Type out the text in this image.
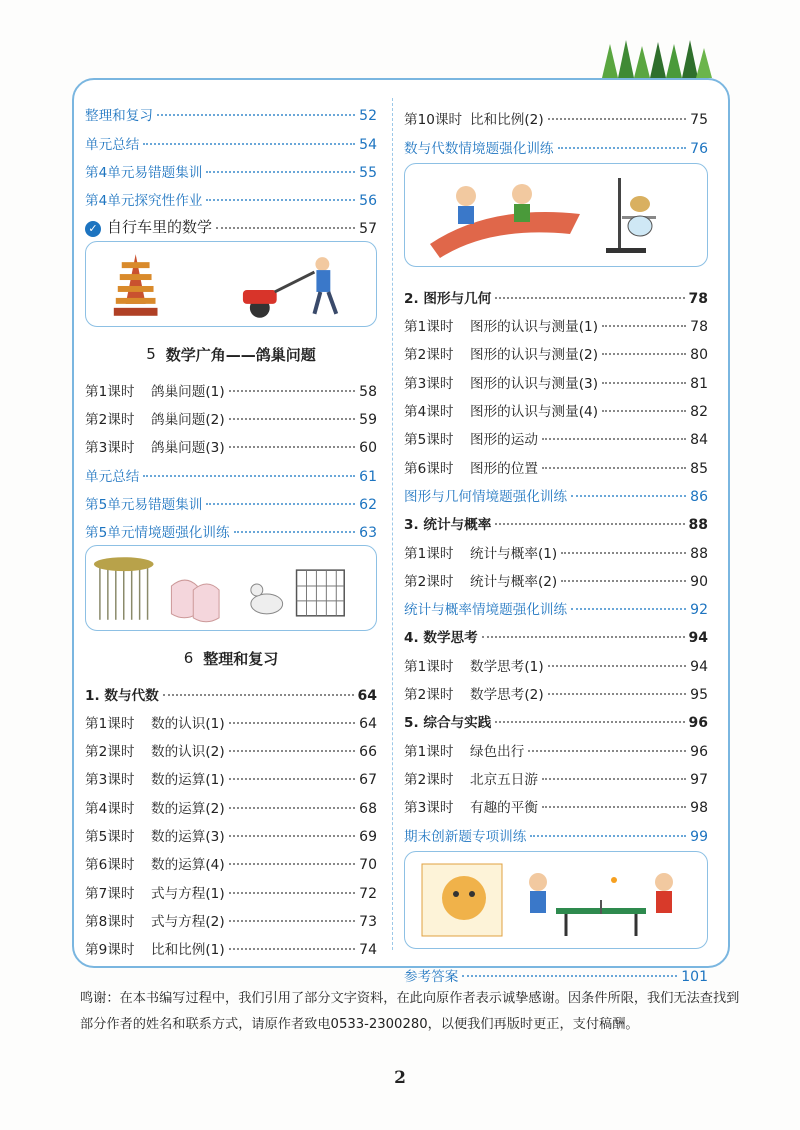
整理和复习	52
单元总结	54
第4单元易错题集训	55
第4单元探究性作业	56
✓ 自行车里的数学	57
5 数学广角——鸽巢问题
第1课时	鸽巢问题(1)	58
第2课时	鸽巢问题(2)	59
第3课时	鸽巢问题(3)	60
单元总结	61
第5单元易错题集训	62
第5单元情境题强化训练	63
6 整理和复习
1. 数与代数	64
第1课时	数的认识(1)	64
第2课时	数的认识(2)	66
第3课时	数的运算(1)	67
第4课时	数的运算(2)	68
第5课时	数的运算(3)	69
第6课时	数的运算(4)	70
第7课时	式与方程(1)	72
第8课时	式与方程(2)	73
第9课时	比和比例(1)	74
第10课时 比和比例(2)	75
数与代数情境题强化训练	76
2. 图形与几何	78
第1课时	图形的认识与测量(1)	78
第2课时	图形的认识与测量(2)	80
第3课时	图形的认识与测量(3)	81
第4课时	图形的认识与测量(4)	82
第5课时	图形的运动	84
第6课时	图形的位置	85
图形与几何情境题强化训练	86
3. 统计与概率	88
第1课时	统计与概率(1)	88
第2课时	统计与概率(2)	90
统计与概率情境题强化训练	92
4. 数学思考	94
第1课时	数学思考(1)	94
第2课时	数学思考(2)	95
5. 综合与实践	96
第1课时	绿色出行	96
第2课时	北京五日游	97
第3课时	有趣的平衡	98
期末创新题专项训练	99
参考答案	101
鸣谢：在本书编写过程中，我们引用了部分文字资料，在此向原作者表示诚挚感谢。因条件所限，我们无法查找到部分作者的姓名和联系方式，请原作者致电0533-2300280，以便我们再版时更正，支付稿酬。
2
